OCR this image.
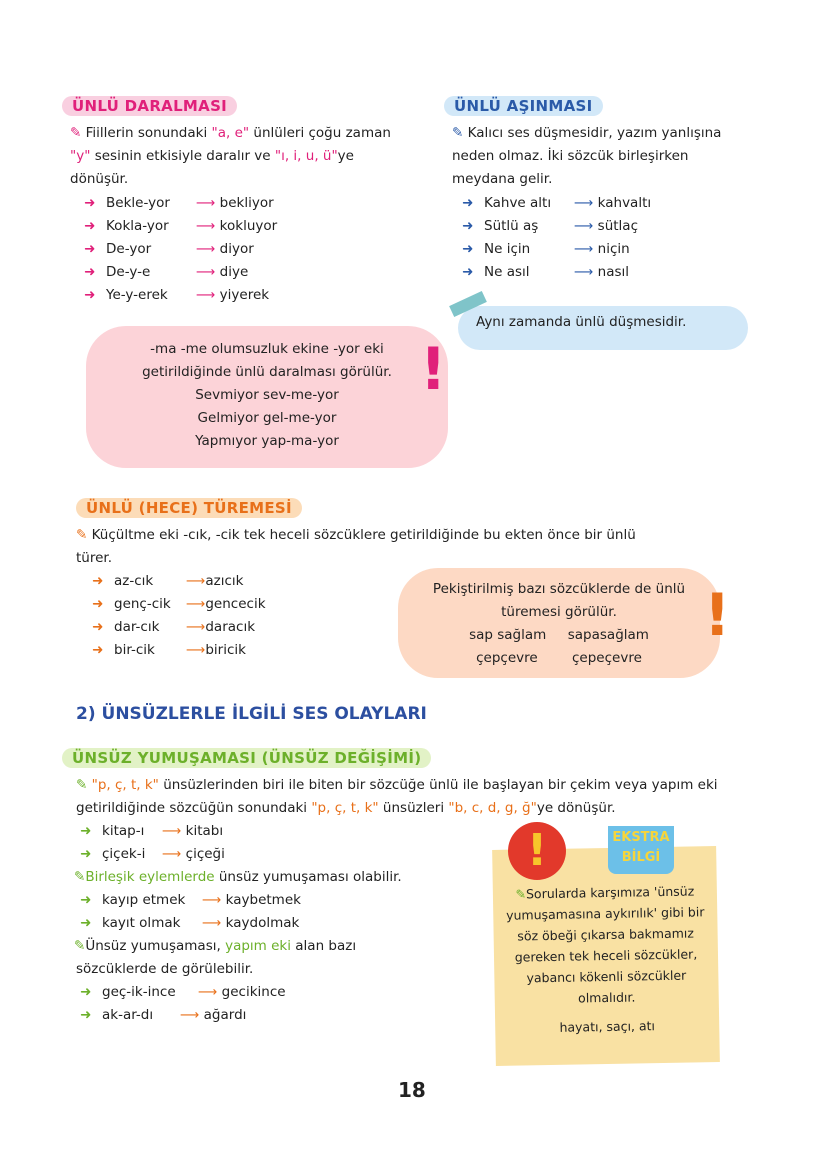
ÜNLÜ DARALMASI
✎ Fiillerin sonundaki "a, e" ünlüleri çoğu zaman
"y" sesinin etkisiyle daralır ve "ı, i, u, ü"ye
dönüşür.
➜ Bekle-yor ⟶ bekliyor
➜ Kokla-yor ⟶ kokluyor
➜ De-yor	⟶ diyor
➜ De-y-e	⟶ diye
➜ Ye-y-erek ⟶ yiyerek
-ma -me olumsuzluk ekine -yor eki
getirildiğinde ünlü daralması görülür.
Sevmiyor sev-me-yor
Gelmiyor gel-me-yor
Yapmıyor yap-ma-yor
!
ÜNLÜ AŞINMASI
✎ Kalıcı ses düşmesidir, yazım yanlışına
neden olmaz. İki sözcük birleşirken
meydana gelir.
➜ Kahve altı ⟶ kahvaltı
➜ Sütlü aş	⟶ sütlaç
➜ Ne için	⟶ niçin
➜ Ne asıl	⟶ nasıl
Aynı zamanda ünlü düşmesidir.
ÜNLÜ (HECE) TÜREMESİ
✎ Küçültme eki -cık, -cik tek heceli sözcüklere getirildiğinde bu ekten önce bir ünlü
türer.
➜ az-cık ⟶azıcık
➜ genç-cik ⟶gencecik
➜ dar-cık ⟶daracık
➜ bir-cik ⟶biricik
Pekiştirilmiş bazı sözcüklerde de ünlü
türemesi görülür.
sap sağlam     sapasağlam
çepçevre        çepeçevre
!
2) ÜNSÜZLERLE İLGİLİ SES OLAYLARI
ÜNSÜZ YUMUŞAMASI (ÜNSÜZ DEĞİŞİMİ)
✎ "p, ç, t, k" ünsüzlerinden biri ile biten bir sözcüğe ünlü ile başlayan bir çekim veya yapım eki
getirildiğinde sözcüğün sonundaki "p, ç, t, k" ünsüzleri "b, c, d, g, ğ"ye dönüşür.
➜ kitap-ı ⟶ kitabı
➜ çiçek-i ⟶ çiçeği
✎Birleşik eylemlerde ünsüz yumuşaması olabilir.
➜ kayıp etmek ⟶ kaybetmek
➜ kayıt olmak ⟶ kaydolmak
✎Ünsüz yumuşaması, yapım eki alan bazı
sözcüklerde de görülebilir.
➜ geç-ik-ince ⟶ gecikince
➜ ak-ar-dı ⟶ ağardı
✎Sorularda karşımıza 'ünsüz
yumuşamasına aykırılık' gibi bir
söz öbeği çıkarsa bakmamız
gereken tek heceli sözcükler,
yabancı kökenli sözcükler
olmalıdır.
hayatı, saçı, atı
!	EKSTRA
BİLGİ
18
